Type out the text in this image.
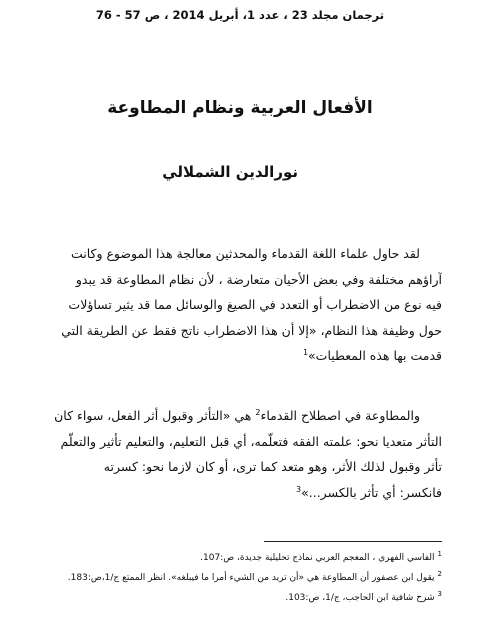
ترجمان مجلد 23 ، عدد 1، أبريل 2014 ، ص 57 - 76
الأفعال العربية ونظام المطاوعة
نورالدين الشملالي

لقد حاول علماء اللغة القدماء والمحدثين معالجة هذا الموضوع وكانت
آراؤهم مختلفة وفي بعض الأحيان متعارضة ، لأن نظام المطاوعة قد يبدو
فيه نوع من الاضطراب أو التعدد في الصيغ والوسائل مما قد يثير تساؤلات
حول وظيفة هذا النظام، «إلا أن هذا الاضطراب ناتج فقط عن الطريقة التي
قدمت بها هذه المعطيات»$^1$

والمطاوعة في اصطلاح القدماء$^2$ هي «التأثر وقبول أثر الفعل، سواء كان
التأثر متعديا نحو: علمته الفقه فتعلّمه، أي قبل التعليم، والتعليم تأثير والتعلّم
تأثر وقبول لذلك الأثر، وهو متعد كما ترى، أو كان لازما نحو: كسرته
فانكسر: أي تأثر بالكسر...»$^3$

$^1$الفاسي الفهري ، المعجم العربي نماذج تحليلية جديدة، ص:107.
$^2$يقول ابن عصفور أن المطاوعة هي «أن تريد من الشيء أمرا ما فيبلغه». انظر الممتع ج/1،ص:183.
$^3$شرح شافية ابن الحاجب، ج/1، ص:103.
